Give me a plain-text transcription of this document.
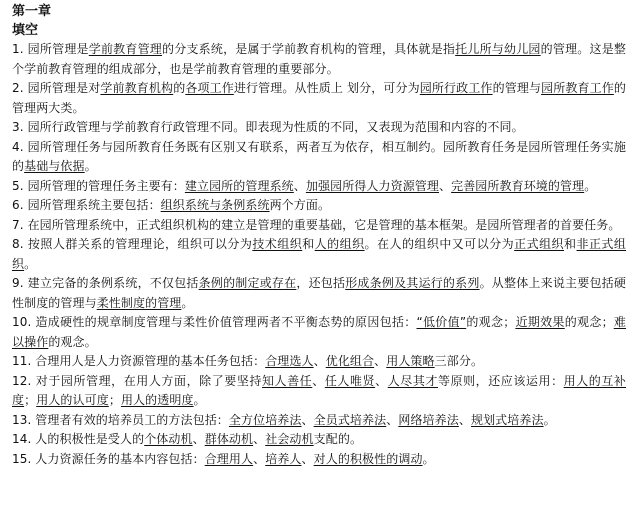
第一章
填空

1. 园所管理是学前教育管理的分支系统，是属于学前教育机构的管理，具体就是指托儿所与幼儿园的管理。这是整个学前教育管理的组成部分，也是学前教育管理的重要部分。

2. 园所管理是对学前教育机构的各项工作进行管理。从性质上 划分，可分为园所行政工作的管理与园所教育工作的管理两大类。

3. 园所行政管理与学前教育行政管理不同。即表现为性质的不同，又表现为范围和内容的不同。

4. 园所管理任务与园所教育任务既有区别又有联系，两者互为依存，相互制约。园所教育任务是园所管理任务实施的基础与依据。

5. 园所管理的管理任务主要有：建立园所的管理系统、加强园所得人力资源管理、完善园所教育环境的管理。

6. 园所管理系统主要包括：组织系统与条例系统两个方面。

7. 在园所管理系统中，正式组织机构的建立是管理的重要基础，它是管理的基本框架。是园所管理者的首要任务。

8. 按照人群关系的管理理论，组织可以分为技术组织和人的组织。在人的组织中又可以分为正式组织和非正式组织。

9. 建立完备的条例系统，不仅包括条例的制定或存在，还包括形成条例及其运行的系列。从整体上来说主要包括硬性制度的管理与柔性制度的管理。

10. 造成硬性的规章制度管理与柔性价值管理两者不平衡态势的原因包括：“低价值”的观念；近期效果的观念；难以操作的观念。

11. 合理用人是人力资源管理的基本任务包括：合理选人、优化组合、用人策略三部分。

12. 对于园所管理，在用人方面，除了要坚持知人善任、任人唯贤、人尽其才等原则，还应该运用：用人的互补度；用人的认可度；用人的透明度。

13. 管理者有效的培养员工的方法包括：全方位培养法、全员式培养法、网络培养法、规划式培养法。

14. 人的积极性是受人的个体动机、群体动机、社会动机支配的。

15. 人力资源任务的基本内容包括：合理用人、培养人、对人的积极性的调动。
